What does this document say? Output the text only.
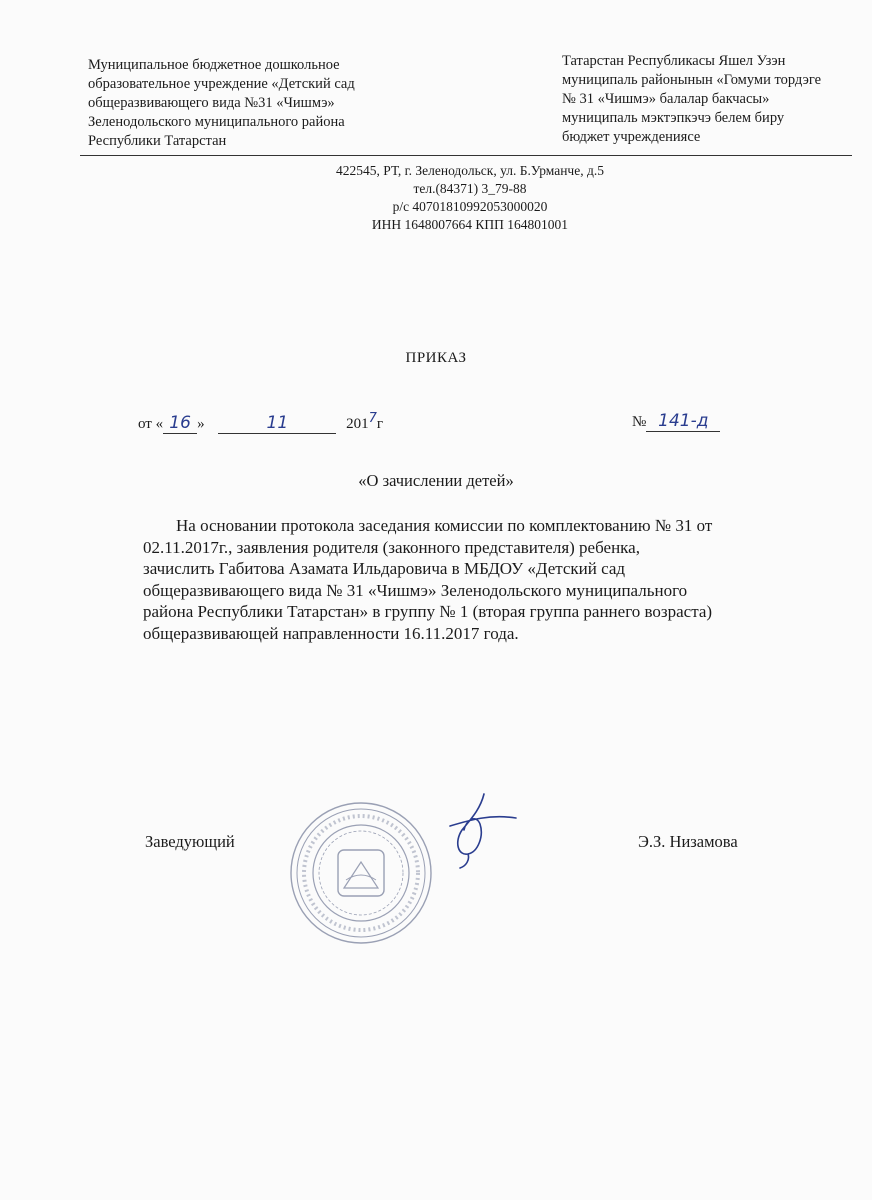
Муниципальное бюджетное дошкольное
образовательное учреждение «Детский сад
общеразвивающего вида №31 «Чишмэ»
Зеленодольского муниципального района
Республики Татарстан
Татарстан Республикасы Яшел Узэн
муниципаль районынын «Гомуми тордэге
№ 31 «Чишмэ» балалар бакчасы»
муниципаль мэктэпкэчэ белем биру
бюджет учреждениясе
422545, РТ, г. Зеленодольск, ул. Б.Урманче, д.5
тел.(84371) 3_79-88
р/с 40701810992053000020
ИНН 1648007664 КПП 164801001
ПРИКАЗ
от « 16 »	11	2017г	№ 141-д
«О зачислении детей»
На основании протокола заседания комиссии по комплектованию № 31 от
02.11.2017г., заявления родителя (законного представителя) ребенка,
зачислить Габитова Азамата Ильдаровича в МБДОУ «Детский сад
общеразвивающего вида № 31 «Чишмэ» Зеленодольского муниципального
района Республики Татарстан» в группу № 1 (вторая группа раннего возраста)
общеразвивающей направленности 16.11.2017 года.
Заведующий	Э.З. Низамова
